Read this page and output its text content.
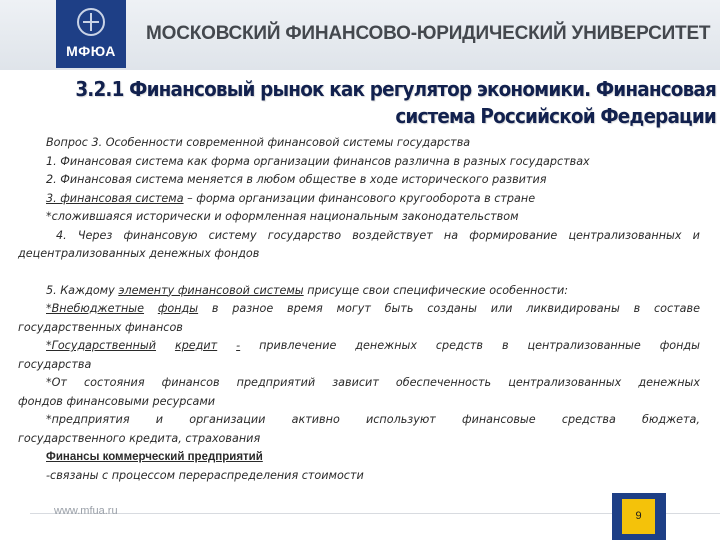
МФЮА
МОСКОВСКИЙ ФИНАНСОВО-ЮРИДИЧЕСКИЙ УНИВЕРСИТЕТ
3.2.1 Финансовый рынок как регулятор экономики. Финансовая
система Российской Федерации
Вопрос 3. Особенности современной финансовой системы государства
1. Финансовая система как форма организации финансов различна в разных государствах
2. Финансовая система меняется в любом обществе в ходе исторического развития
3. финансовая система – форма организации финансового кругооборота в стране
*сложившаяся исторически и оформленная национальным законодательством
4. Через финансовую систему государство воздействует на формирование централизованных и
децентрализованных денежных фондов
5. Каждому элементу финансовой системы присуще свои специфические особенности:
*Внебюджетные фонды в разное время могут быть созданы или ликвидированы в составе
государственных финансов
*Государственный кредит - привлечение денежных средств в централизованные фонды
государства
*От состояния финансов предприятий зависит обеспеченность централизованных денежных
фондов финансовыми ресурсами
*предприятия и организации активно используют финансовые средства бюджета,
государственного кредита, страхования
Финансы коммерческий предприятий
-связаны с процессом перераспределения стоимости
www.mfua.ru	9
